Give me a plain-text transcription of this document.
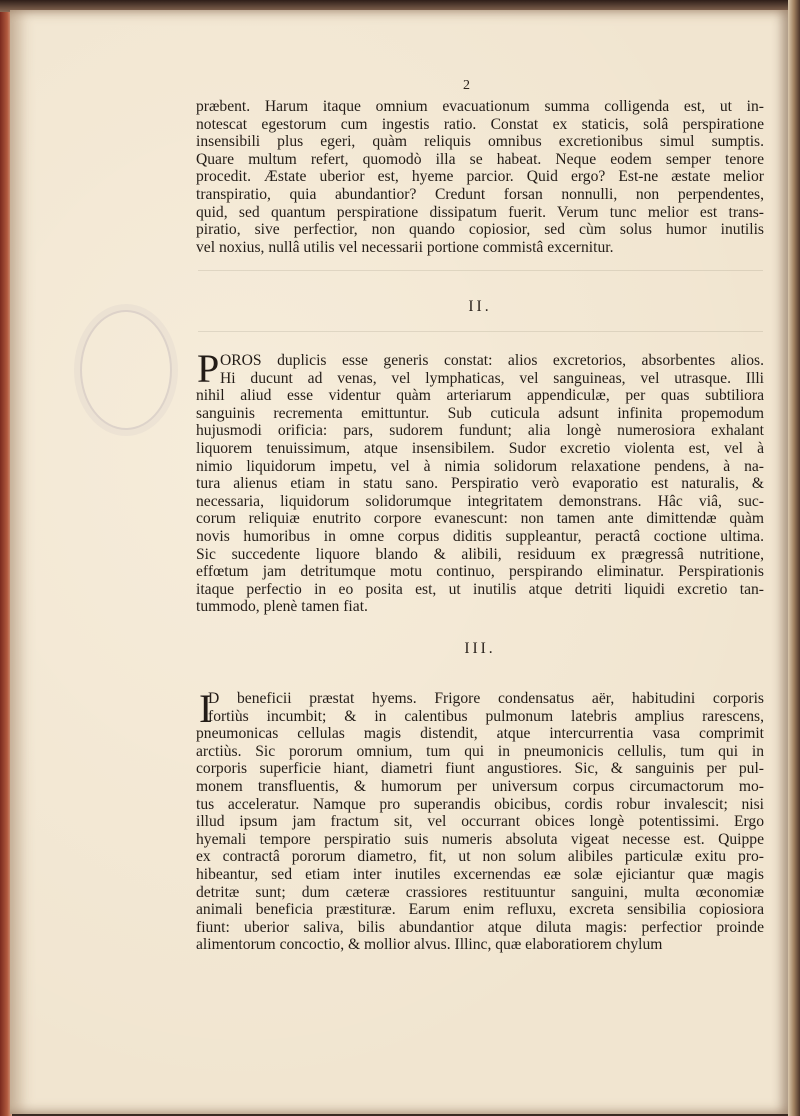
2
præbent. Harum itaque omnium evacuationum summa colligenda est, ut in-
notescat egestorum cum ingestis ratio. Constat ex staticis, solâ perspiratione
insensibili plus egeri, quàm reliquis omnibus excretionibus simul sumptis.
Quare multum refert, quomodò illa se habeat. Neque eodem semper tenore
procedit. Æstate uberior est, hyeme parcior. Quid ergo? Est-ne æstate melior
transpiratio, quia abundantior? Credunt forsan nonnulli, non perpendentes,
quid, sed quantum perspiratione dissipatum fuerit. Verum tunc melior est trans-
piratio, sive perfectior, non quando copiosior, sed cùm solus humor inutilis
vel noxius, nullâ utilis vel necessarii portione commistâ excernitur.
II.
P OROS duplicis esse generis constat: alios excretorios, absorbentes alios.
Hi ducunt ad venas, vel lymphaticas, vel sanguineas, vel utrasque. Illi
nihil aliud esse videntur quàm arteriarum appendiculæ, per quas subtiliora
sanguinis recrementa emittuntur. Sub cuticula adsunt infinita propemodum
hujusmodi orificia: pars, sudorem fundunt; alia longè numerosiora exhalant
liquorem tenuissimum, atque insensibilem. Sudor excretio violenta est, vel à
nimio liquidorum impetu, vel à nimia solidorum relaxatione pendens, à na-
tura alienus etiam in statu sano. Perspiratio verò evaporatio est naturalis, &
necessaria, liquidorum solidorumque integritatem demonstrans. Hâc viâ, suc-
corum reliquiæ enutrito corpore evanescunt: non tamen ante dimittendæ quàm
novis humoribus in omne corpus diditis suppleantur, peractâ coctione ultima.
Sic succedente liquore blando & alibili, residuum ex prægressâ nutritione,
effœtum jam detritumque motu continuo, perspirando eliminatur. Perspirationis
itaque perfectio in eo posita est, ut inutilis atque detriti liquidi excretio tan-
tummodo, plenè tamen fiat.
III.
I
D beneficii præstat hyems. Frigore condensatus aër, habitudini corporis
fortiùs incumbit; & in calentibus pulmonum latebris amplius rarescens,
pneumonicas cellulas magis distendit, atque intercurrentia vasa comprimit
arctiùs. Sic pororum omnium, tum qui in pneumonicis cellulis, tum qui in
corporis superficie hiant, diametri fiunt angustiores. Sic, & sanguinis per pul-
monem transfluentis, & humorum per universum corpus circumactorum mo-
tus acceleratur. Namque pro superandis obicibus, cordis robur invalescit; nisi
illud ipsum jam fractum sit, vel occurrant obices longè potentissimi. Ergo
hyemali tempore perspiratio suis numeris absoluta vigeat necesse est. Quippe
ex contractâ pororum diametro, fit, ut non solum alibiles particulæ exitu pro-
hibeantur, sed etiam inter inutiles excernendas eæ solæ ejiciantur quæ magis
detritæ sunt; dum cæteræ crassiores restituuntur sanguini, multa œconomiæ
animali beneficia præstituræ. Earum enim refluxu, excreta sensibilia copiosiora
fiunt: uberior saliva, bilis abundantior atque diluta magis: perfectior proinde
alimentorum concoctio, & mollior alvus. Illinc, quæ elaboratiorem chylum
